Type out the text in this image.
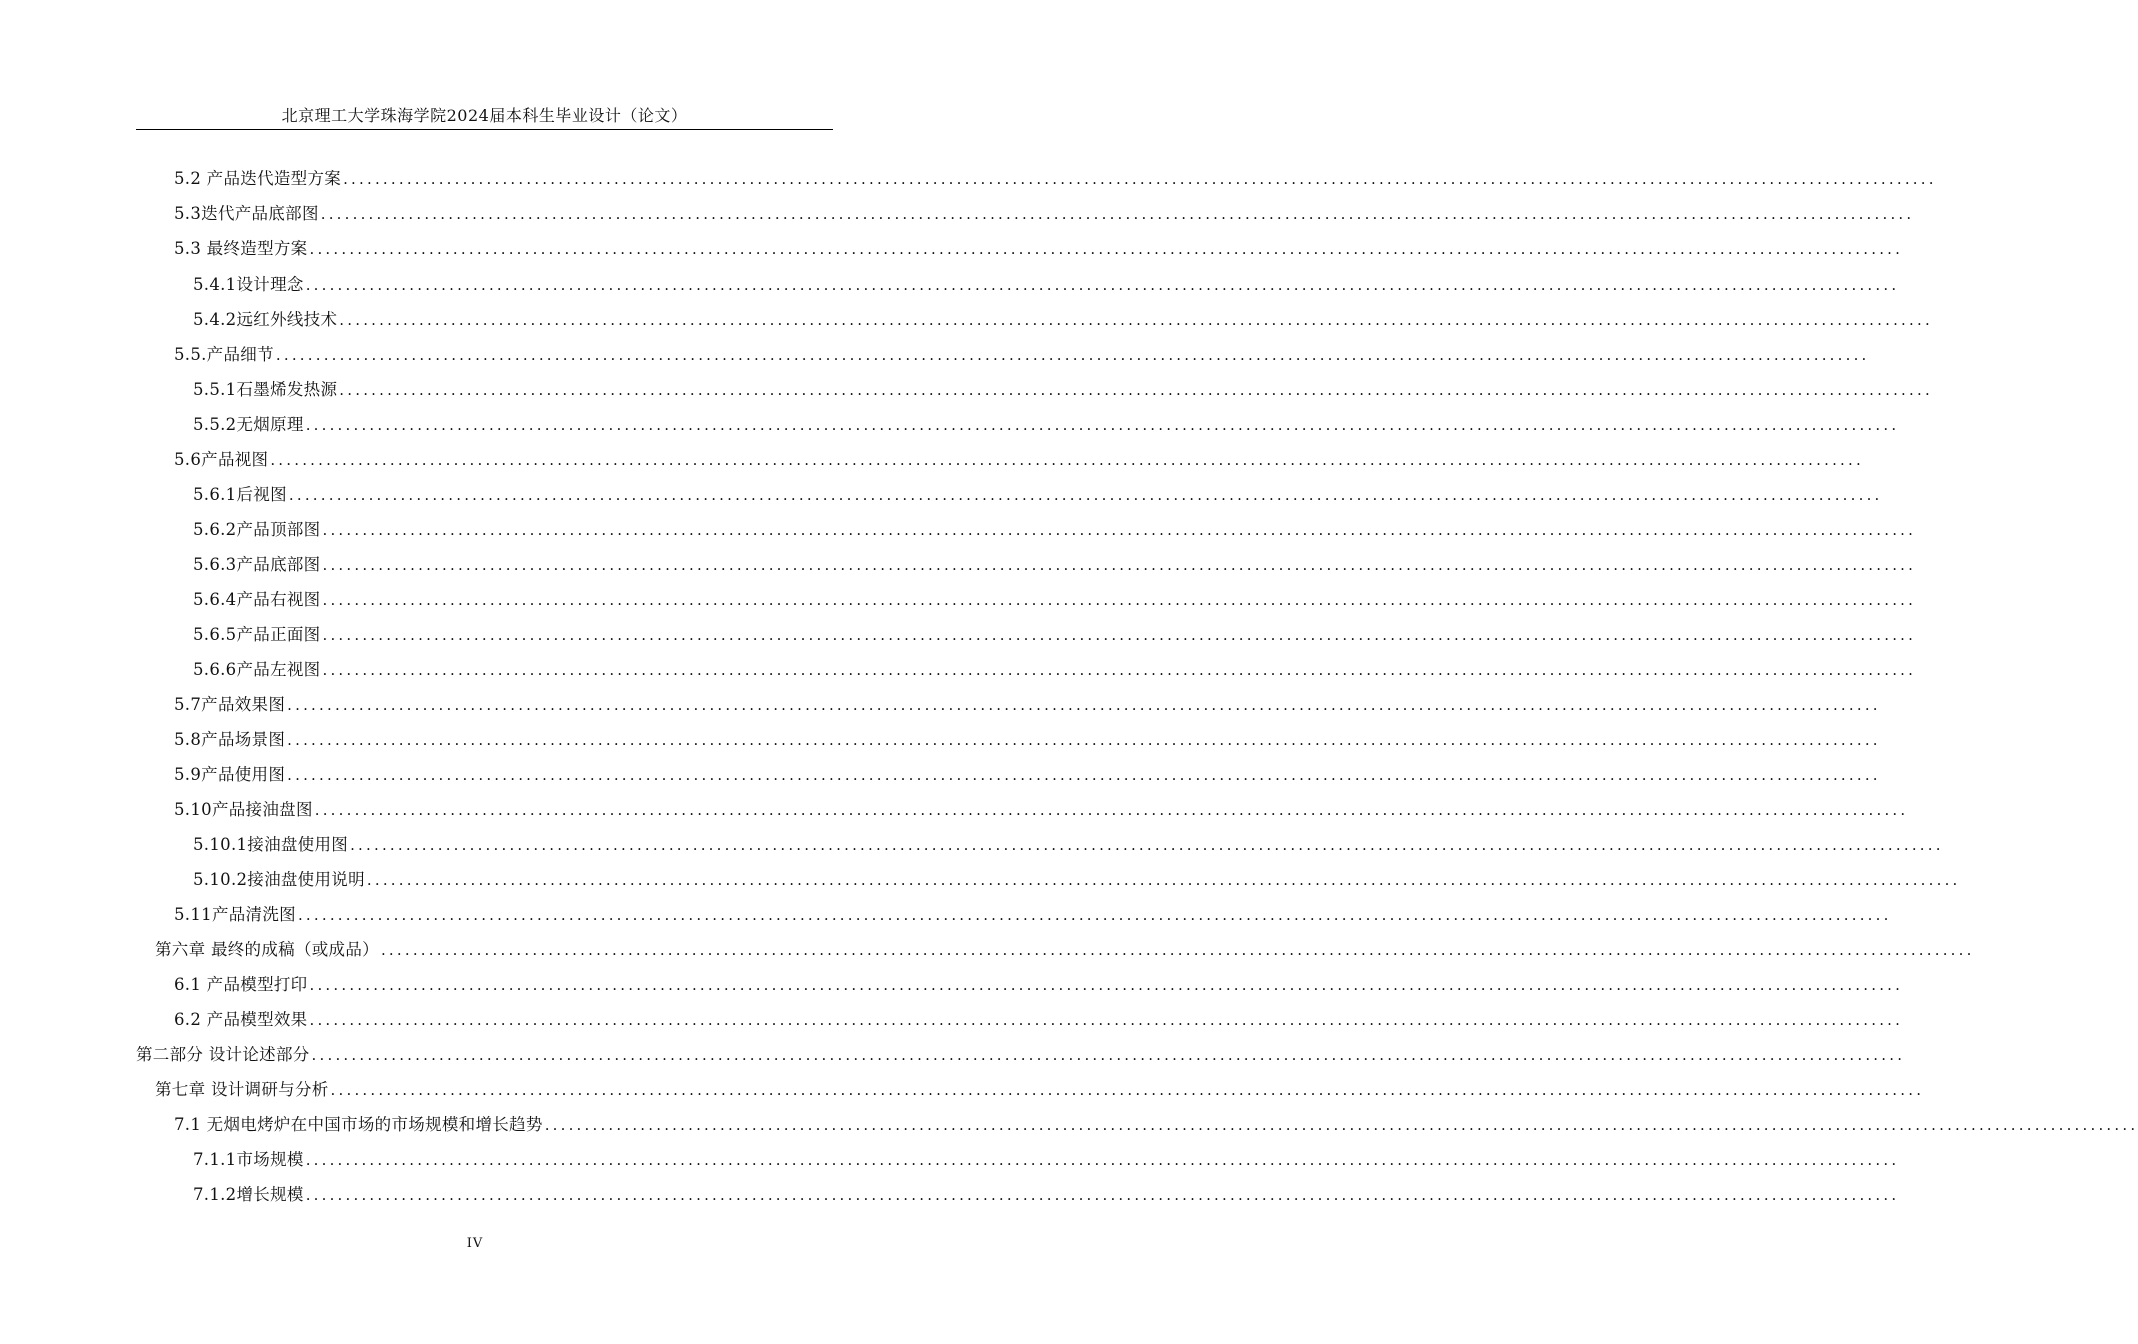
北京理工大学珠海学院2024届本科生毕业设计（论文）
5.2 产品迭代造型方案 ........................................................................................................................................................................................................
5.3迭代产品底部图 ........................................................................................................................................................................................................
5.3 最终造型方案 ........................................................................................................................................................................................................
5.4.1设计理念 ........................................................................................................................................................................................................
5.4.2远红外线技术 ........................................................................................................................................................................................................
5.5.产品细节 ........................................................................................................................................................................................................
5.5.1石墨烯发热源 ........................................................................................................................................................................................................
5.5.2无烟原理 ........................................................................................................................................................................................................
5.6产品视图 ........................................................................................................................................................................................................
5.6.1后视图 ........................................................................................................................................................................................................
5.6.2产品顶部图 ........................................................................................................................................................................................................
5.6.3产品底部图 ........................................................................................................................................................................................................
5.6.4产品右视图 ........................................................................................................................................................................................................
5.6.5产品正面图 ........................................................................................................................................................................................................
5.6.6产品左视图 ........................................................................................................................................................................................................
5.7产品效果图 ........................................................................................................................................................................................................
5.8产品场景图 ........................................................................................................................................................................................................
5.9产品使用图 ........................................................................................................................................................................................................
5.10产品接油盘图 ........................................................................................................................................................................................................
5.10.1接油盘使用图 ........................................................................................................................................................................................................
5.10.2接油盘使用说明 ........................................................................................................................................................................................................
5.11产品清洗图 ........................................................................................................................................................................................................
第六章 最终的成稿（或成品） ........................................................................................................................................................................................................
6.1 产品模型打印 ........................................................................................................................................................................................................
6.2 产品模型效果 ........................................................................................................................................................................................................
第二部分 设计论述部分 ........................................................................................................................................................................................................
第七章 设计调研与分析 ........................................................................................................................................................................................................
7.1 无烟电烤炉在中国市场的市场规模和增长趋势 ........................................................................................................................................................................................................
7.1.1市场规模 ........................................................................................................................................................................................................
7.1.2增长规模 ........................................................................................................................................................................................................
IV
